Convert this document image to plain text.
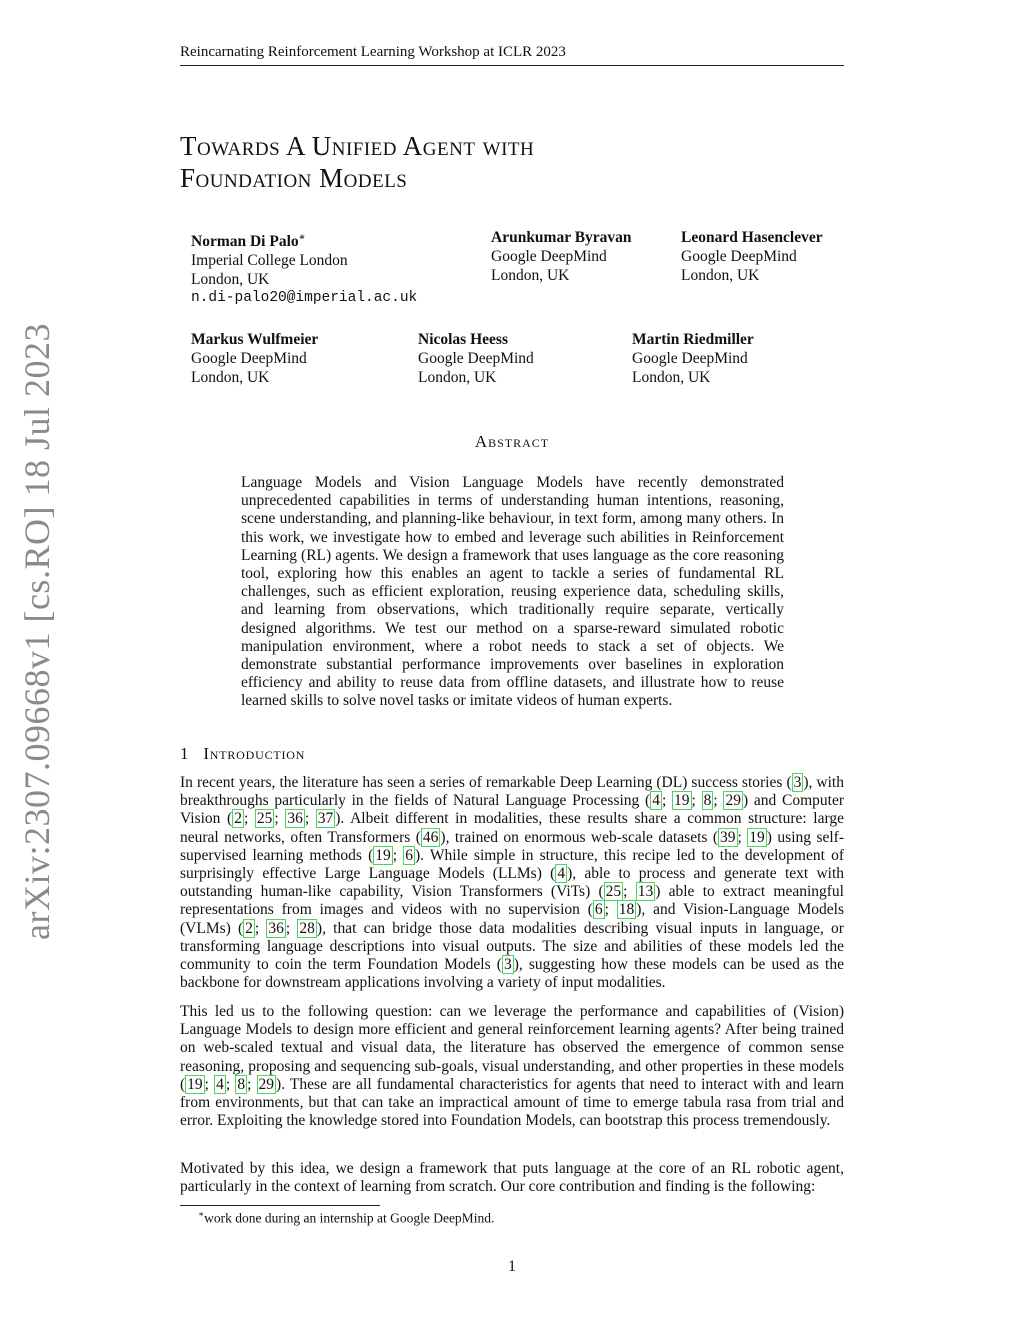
Reincarnating Reinforcement Learning Workshop at ICLR 2023
Towards A Unified Agent with
Foundation Models
Norman Di Palo∗
Imperial College London
London, UK
n.di-palo20@imperial.ac.uk
Arunkumar Byravan
Google DeepMind
London, UK
Leonard Hasenclever
Google DeepMind
London, UK
Markus Wulfmeier
Google DeepMind
London, UK
Nicolas Heess
Google DeepMind
London, UK
Martin Riedmiller
Google DeepMind
London, UK
Abstract

Language Models and Vision Language Models have recently demonstrated unprecedented capabilities in terms of understanding human intentions, reasoning, scene understanding, and planning-like behaviour, in text form, among many others. In this work, we investigate how to embed and leverage such abilities in Reinforcement Learning (RL) agents. We design a framework that uses language as the core reasoning tool, exploring how this enables an agent to tackle a series of fundamental RL challenges, such as efficient exploration, reusing experience data, scheduling skills, and learning from observations, which traditionally require separate, vertically designed algorithms. We test our method on a sparse-reward simulated robotic manipulation environment, where a robot needs to stack a set of objects. We demonstrate substantial performance improvements over baselines in exploration efficiency and ability to reuse data from offline datasets, and illustrate how to reuse learned skills to solve novel tasks or imitate videos of human experts.

1 Introduction

In recent years, the literature has seen a series of remarkable Deep Learning (DL) success stories ( 3 ), with breakthroughs particularly in the fields of Natural Language Processing ( 4 ; 19 ; 8 ; 29 ) and Computer Vision ( 2 ; 25 ; 36 ; 37 ). Albeit different in modalities, these results share a common structure: large neural networks, often Transformers ( 46 ), trained on enormous web-scale datasets ( 39 ; 19 ) using self-supervised learning methods ( 19 ; 6 ). While simple in structure, this recipe led to the development of surprisingly effective Large Language Models (LLMs) ( 4 ), able to process and generate text with outstanding human-like capability, Vision Transformers (ViTs) ( 25 ; 13 ) able to extract meaningful representations from images and videos with no supervision ( 6 ; 18 ), and Vision-Language Models (VLMs) ( 2 ; 36 ; 28 ), that can bridge those data modalities describing visual inputs in language, or transforming language descriptions into visual outputs. The size and abilities of these models led the community to coin the term Foundation Models ( 3 ), suggesting how these models can be used as the backbone for downstream applications involving a variety of input modalities.

This led us to the following question: can we leverage the performance and capabilities of (Vision) Language Models to design more efficient and general reinforcement learning agents? After being trained on web-scaled textual and visual data, the literature has observed the emergence of common sense reasoning, proposing and sequencing sub-goals, visual understanding, and other properties in these models ( 19 ; 4 ; 8 ; 29 ). These are all fundamental characteristics for agents that need to interact with and learn from environments, but that can take an impractical amount of time to emerge tabula rasa from trial and error. Exploiting the knowledge stored into Foundation Models, can bootstrap this process tremendously.

Motivated by this idea, we design a framework that puts language at the core of an RL robotic agent, particularly in the context of learning from scratch. Our core contribution and finding is the following:

arXiv:2307.09668v1 [cs.RO] 18 Jul 2023
∗work done during an internship at Google DeepMind.
1
